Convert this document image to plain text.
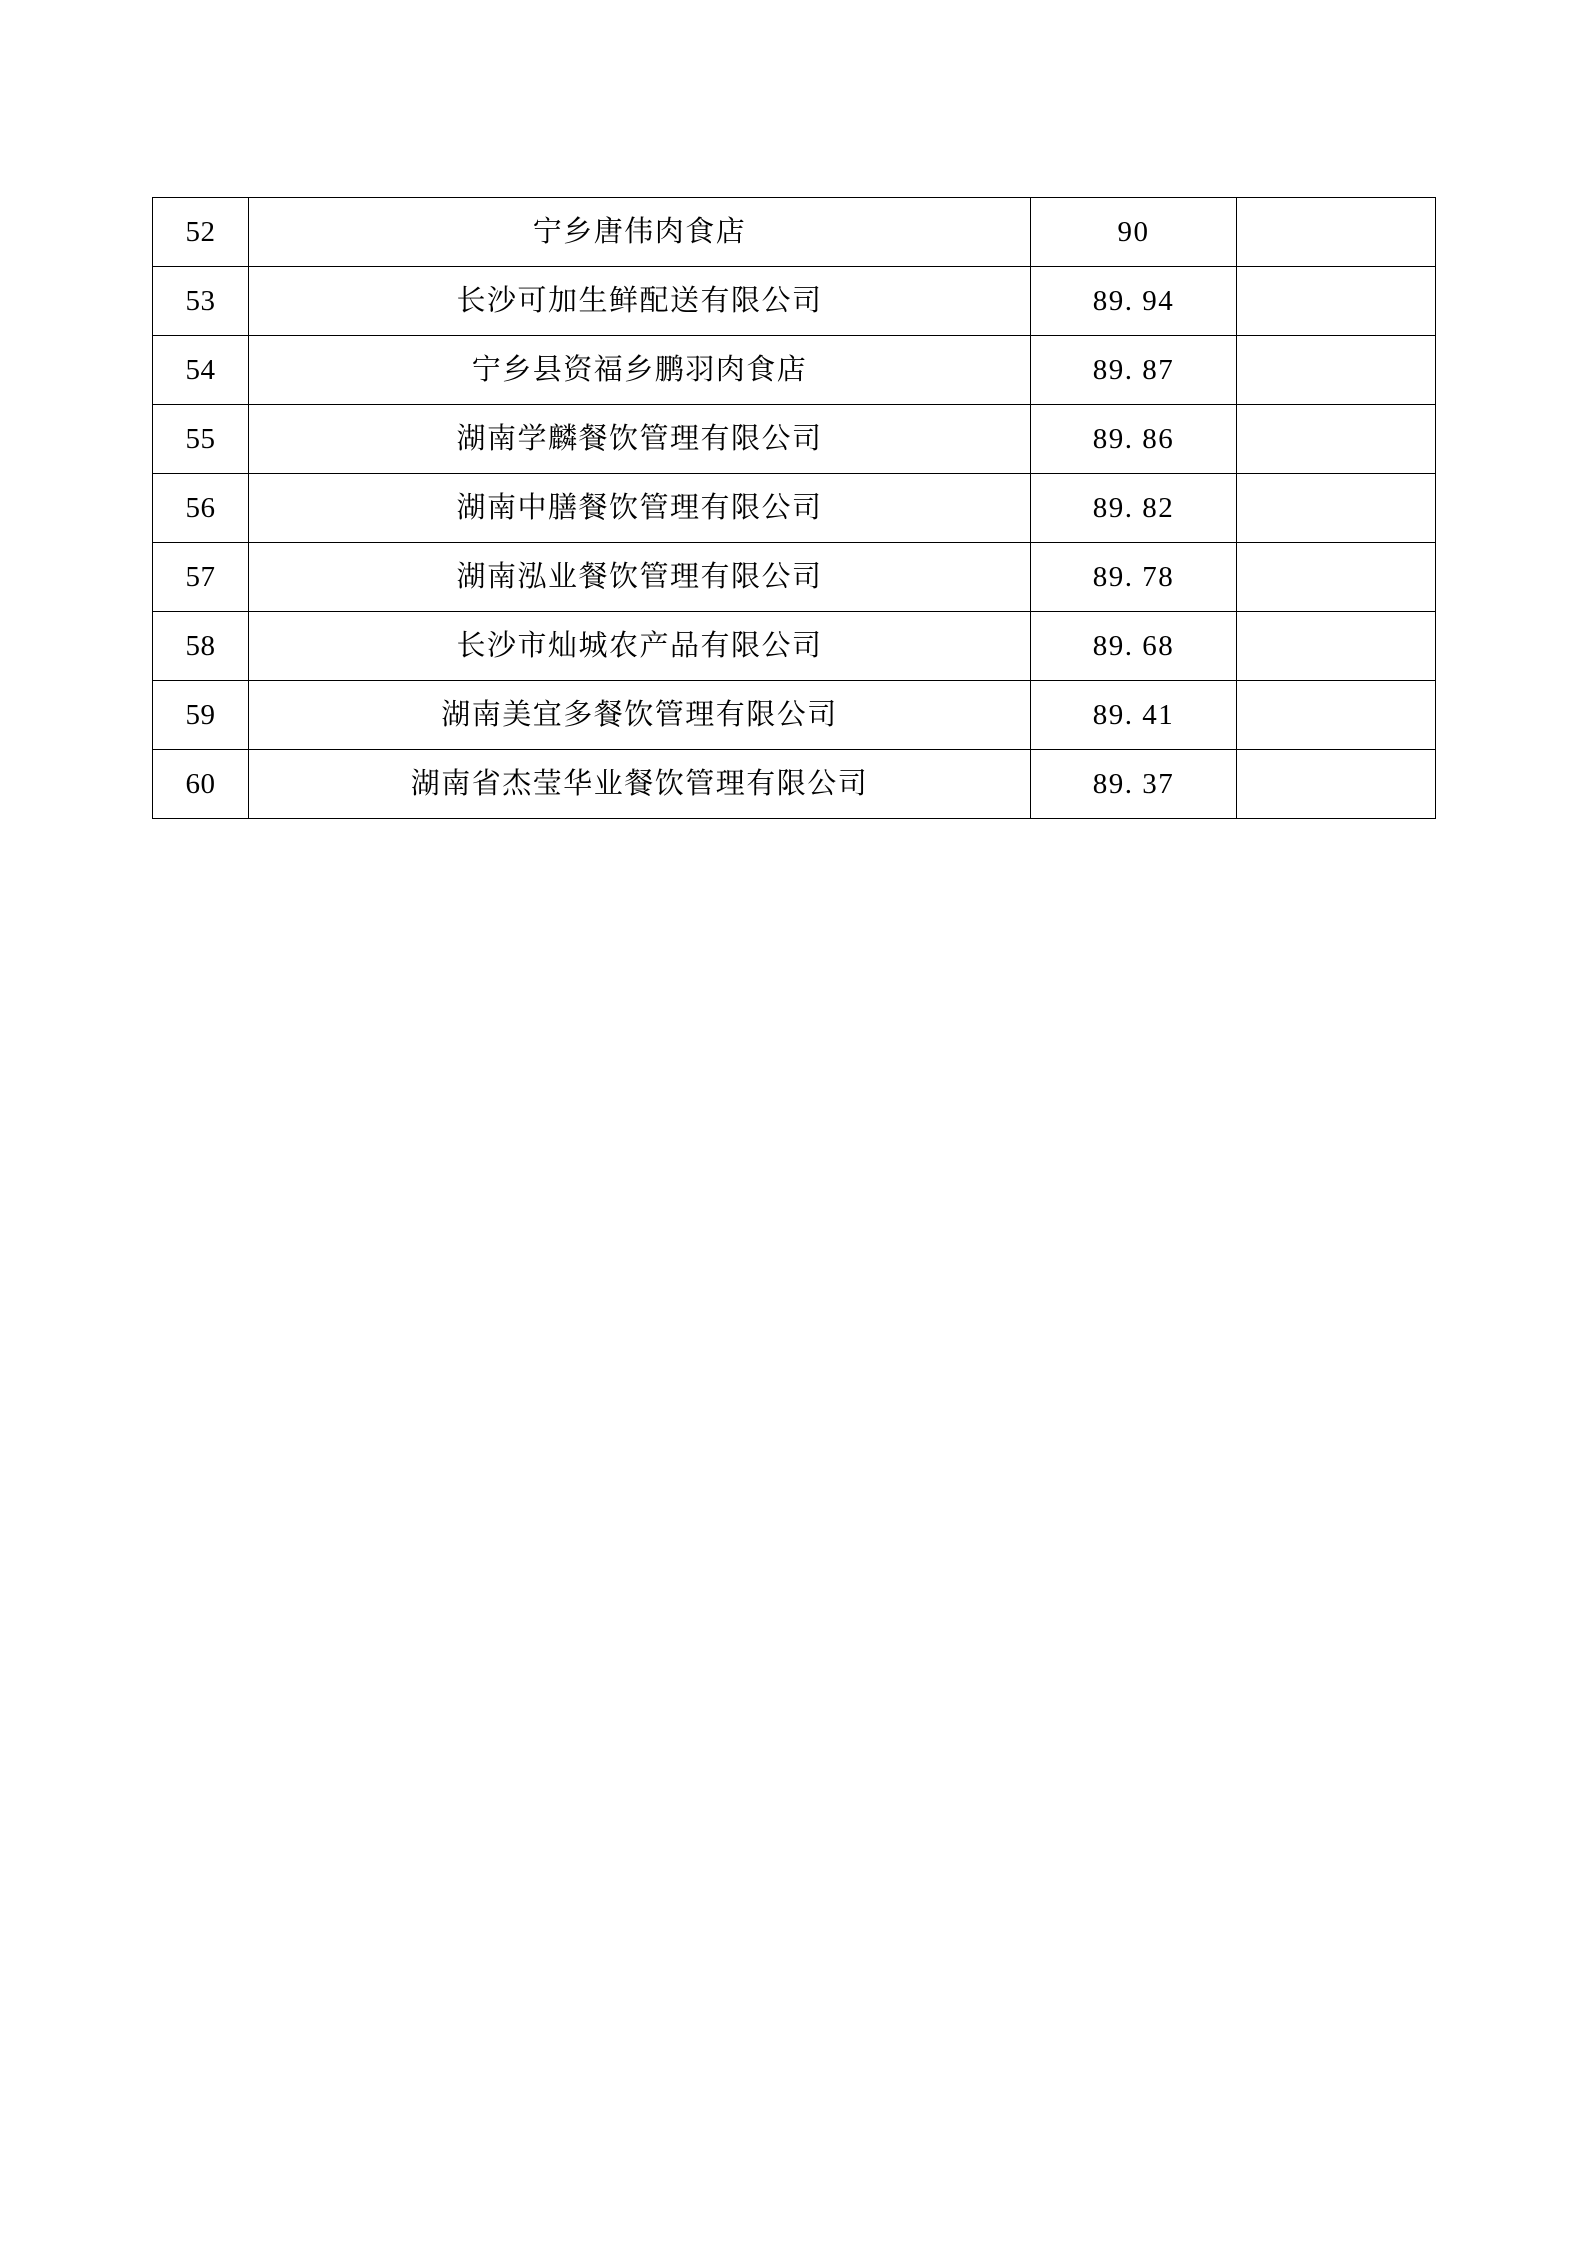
52	宁乡唐伟肉食店	90	
53	长沙可加生鲜配送有限公司	89. 94	
54	宁乡县资福乡鹏羽肉食店	89. 87	
55	湖南学麟餐饮管理有限公司	89. 86	
56	湖南中膳餐饮管理有限公司	89. 82	
57	湖南泓业餐饮管理有限公司	89. 78	
58	长沙市灿城农产品有限公司	89. 68	
59	湖南美宜多餐饮管理有限公司	89. 41	
60	湖南省杰莹华业餐饮管理有限公司	89. 37	
